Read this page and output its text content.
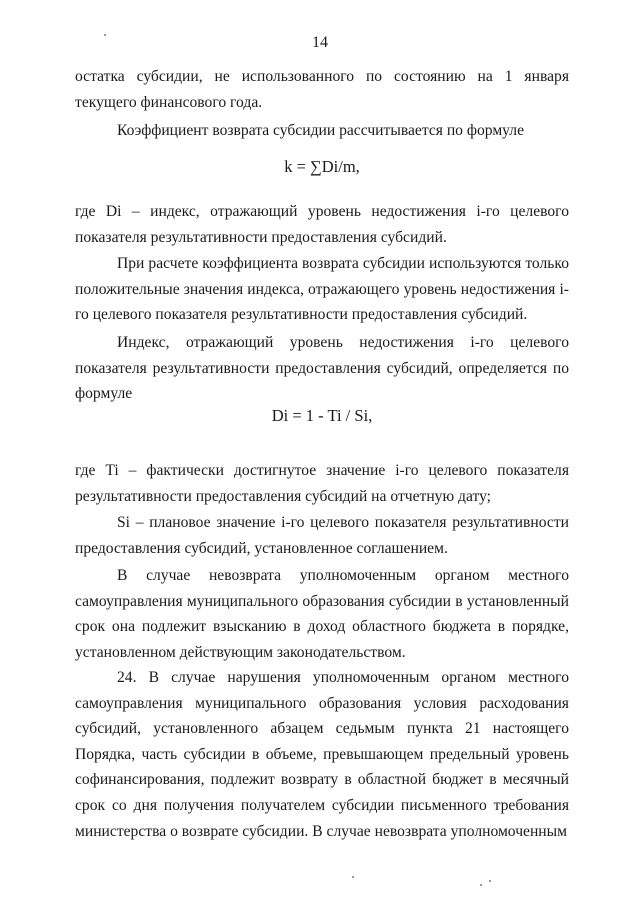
14

остатка субсидии, не использованного по состоянию на 1 января текущего финансового года.

Коэффициент возврата субсидии рассчитывается по формуле

k = ∑Di/m,

где Di – индекс, отражающий уровень недостижения i-го целевого показателя результативности предоставления субсидий.

При расчете коэффициента возврата субсидии используются только положительные значения индекса, отражающего уровень недостижения i-го целевого показателя результативности предоставления субсидий.

Индекс, отражающий уровень недостижения i-го целевого показателя результативности предоставления субсидий, определяется по формуле

Di = 1 - Ti / Si,

где Ti – фактически достигнутое значение i-го целевого показателя результативности предоставления субсидий на отчетную дату;

Si – плановое значение i-го целевого показателя результативности предоставления субсидий, установленное соглашением.

В случае невозврата уполномоченным органом местного самоуправления муниципального образования субсидии в установленный срок она подлежит взысканию в доход областного бюджета в порядке, установленном действующим законодательством.

24. В случае нарушения уполномоченным органом местного самоуправления муниципального образования условия расходования субсидий, установленного абзацем седьмым пункта 21 настоящего Порядка, часть субсидии в объеме, превышающем предельный уровень софинансирования, подлежит возврату в областной бюджет в месячный срок со дня получения получателем субсидии письменного требования министерства о возврате субсидии. В случае невозврата уполномоченным
